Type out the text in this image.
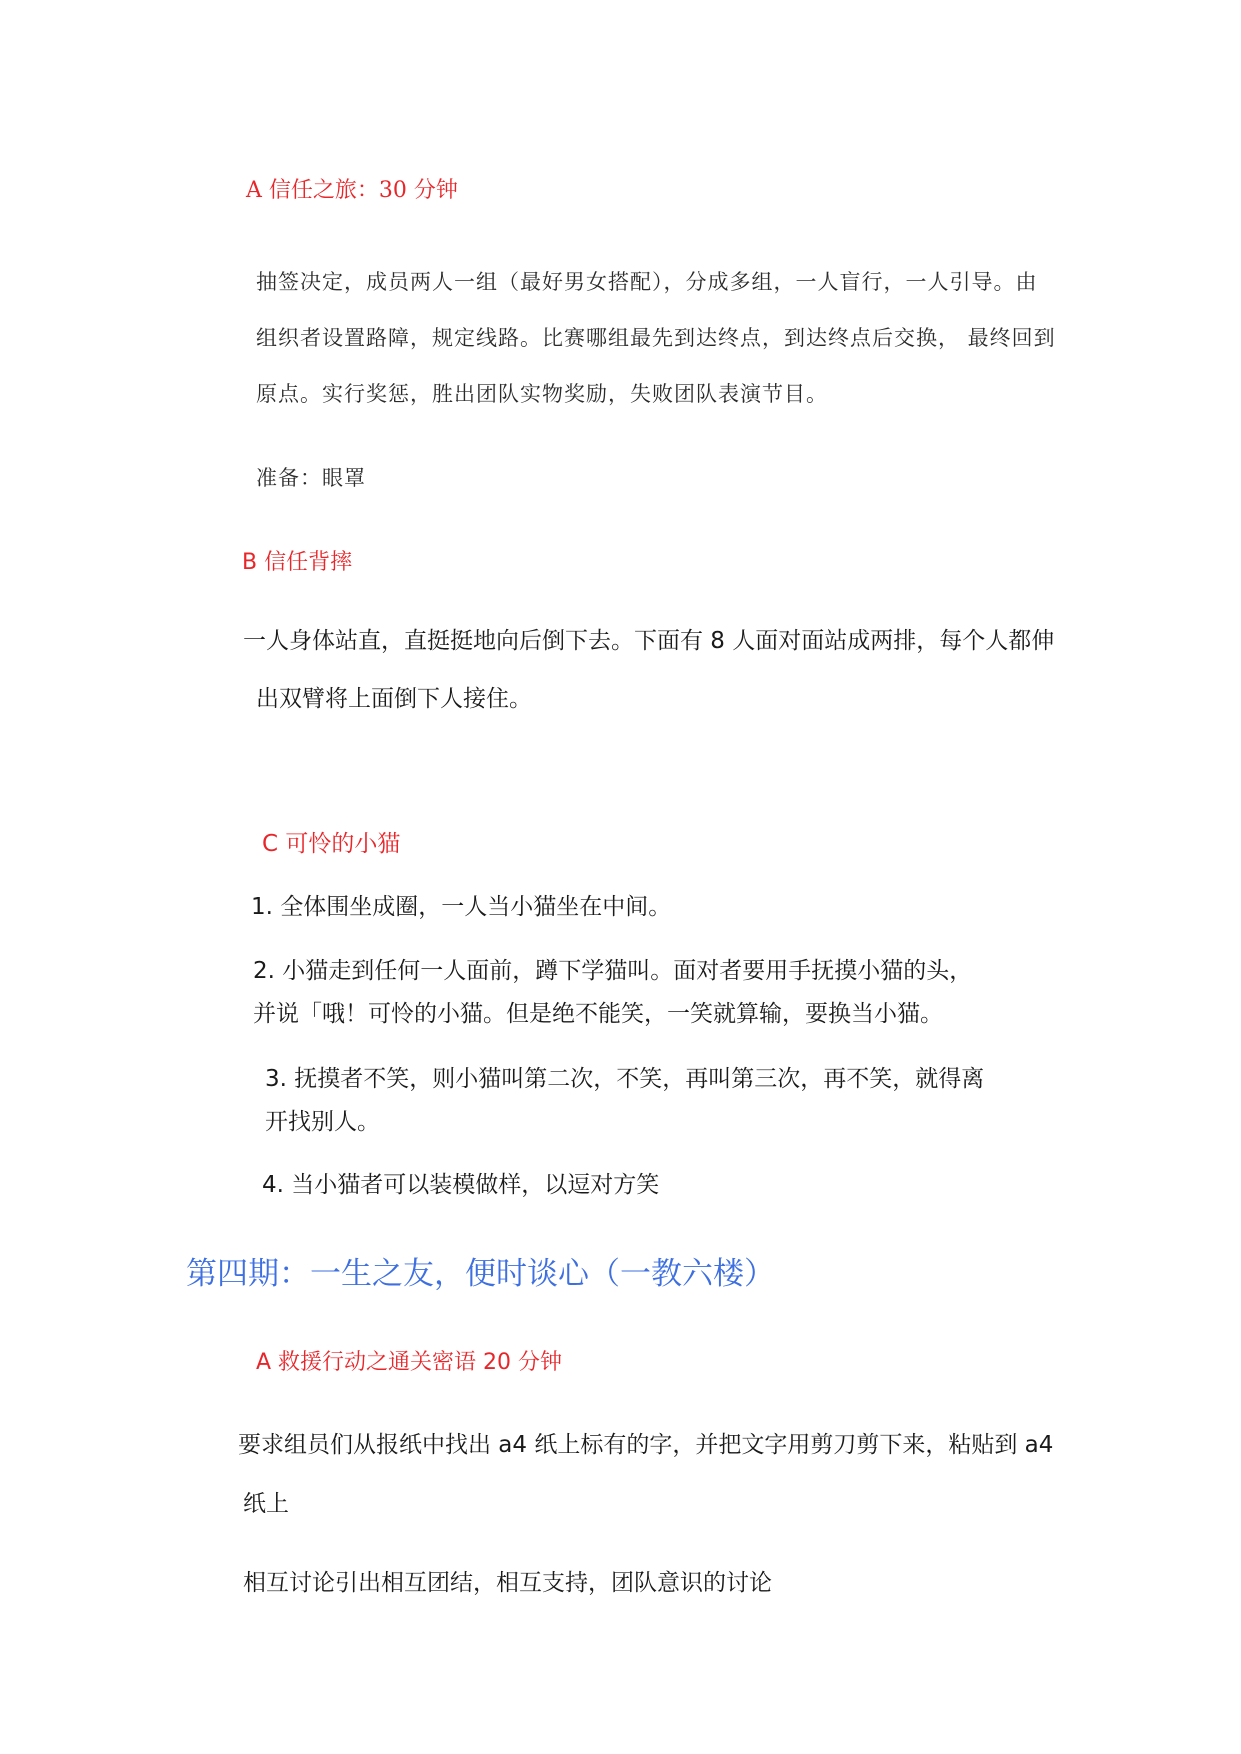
A 信任之旅：30 分钟

抽签决定，成员两人一组（最好男女搭配），分成多组，一人盲行，一人引导。由

组织者设置路障，规定线路。比赛哪组最先到达终点，到达终点后交换， 最终回到

原点。实行奖惩，胜出团队实物奖励，失败团队表演节目。

准备：眼罩

B 信任背摔

一人身体站直，直挺挺地向后倒下去。下面有 8 人面对面站成两排，每个人都伸

出双臂将上面倒下人接住。

C 可怜的小猫

1. 全体围坐成圈，一人当小猫坐在中间。

2. 小猫走到任何一人面前，蹲下学猫叫。面对者要用手抚摸小猫的头，

并说「哦！可怜的小猫。但是绝不能笑，一笑就算输，要换当小猫。

3. 抚摸者不笑，则小猫叫第二次，不笑，再叫第三次，再不笑，就得离

开找别人。

4. 当小猫者可以装模做样，以逗对方笑

第四期：一生之友，便时谈心（一教六楼）

A 救援行动之通关密语 20 分钟

要求组员们从报纸中找出 a4 纸上标有的字，并把文字用剪刀剪下来，粘贴到 a4

纸上

相互讨论引出相互团结，相互支持，团队意识的讨论
